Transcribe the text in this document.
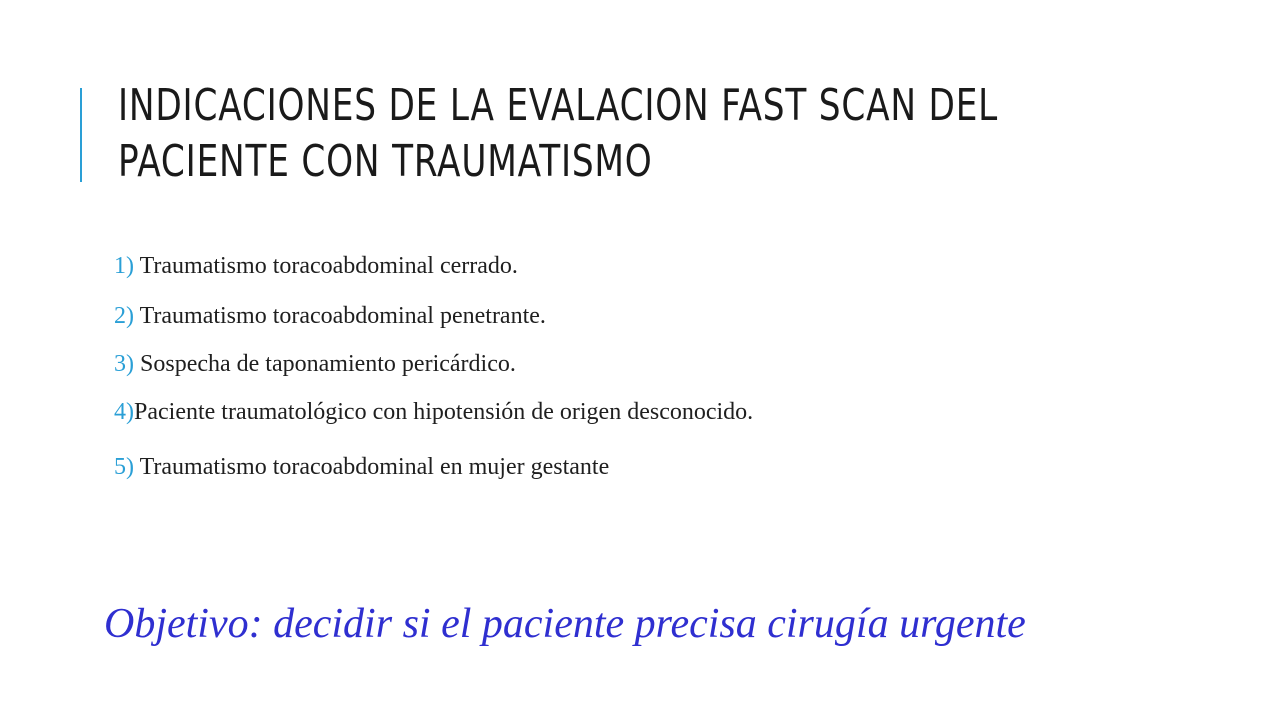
INDICACIONES DE LA EVALACION FAST SCAN DEL
PACIENTE CON TRAUMATISMO
1) Traumatismo toracoabdominal cerrado.
2) Traumatismo toracoabdominal penetrante.
3) Sospecha de taponamiento pericárdico.
4)Paciente traumatológico con hipotensión de origen desconocido.
5) Traumatismo toracoabdominal en mujer gestante
Objetivo: decidir si el paciente precisa cirugía urgente
